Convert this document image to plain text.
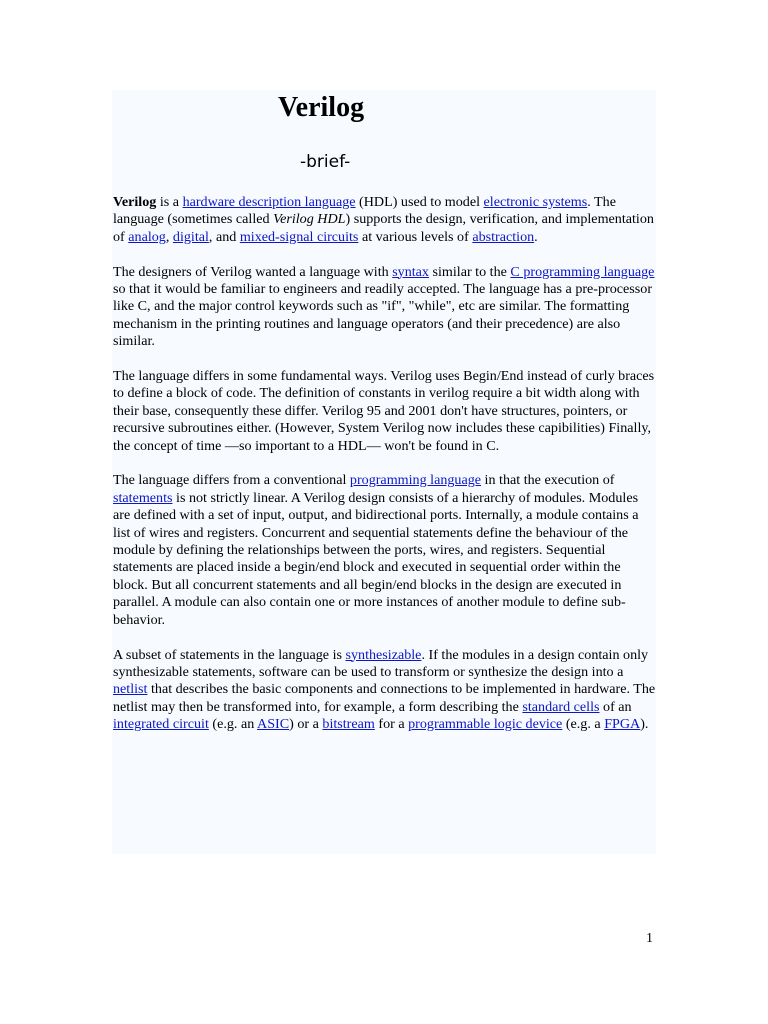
Verilog
-brief-

Verilog is a hardware description language (HDL) used to model electronic systems. The language (sometimes called Verilog HDL) supports the design, verification, and implementation of analog, digital, and mixed-signal circuits at various levels of abstraction.

The designers of Verilog wanted a language with syntax similar to the C programming language so that it would be familiar to engineers and readily accepted. The language has a pre-processor like C, and the major control keywords such as "if", "while", etc are similar. The formatting mechanism in the printing routines and language operators (and their precedence) are also similar.

The language differs in some fundamental ways. Verilog uses Begin/End instead of curly braces to define a block of code. The definition of constants in verilog require a bit width along with their base, consequently these differ. Verilog 95 and 2001 don't have structures, pointers, or recursive subroutines either. (However, System Verilog now includes these capibilities) Finally, the concept of time —so important to a HDL— won't be found in C.

The language differs from a conventional programming language in that the execution of statements is not strictly linear. A Verilog design consists of a hierarchy of modules. Modules are defined with a set of input, output, and bidirectional ports. Internally, a module contains a list of wires and registers. Concurrent and sequential statements define the behaviour of the module by defining the relationships between the ports, wires, and registers. Sequential statements are placed inside a begin/end block and executed in sequential order within the block. But all concurrent statements and all begin/end blocks in the design are executed in parallel. A module can also contain one or more instances of another module to define sub-behavior.

A subset of statements in the language is synthesizable. If the modules in a design contain only synthesizable statements, software can be used to transform or synthesize the design into a netlist that describes the basic components and connections to be implemented in hardware. The netlist may then be transformed into, for example, a form describing the standard cells of an integrated circuit (e.g. an ASIC) or a bitstream for a programmable logic device (e.g. a FPGA).

1
